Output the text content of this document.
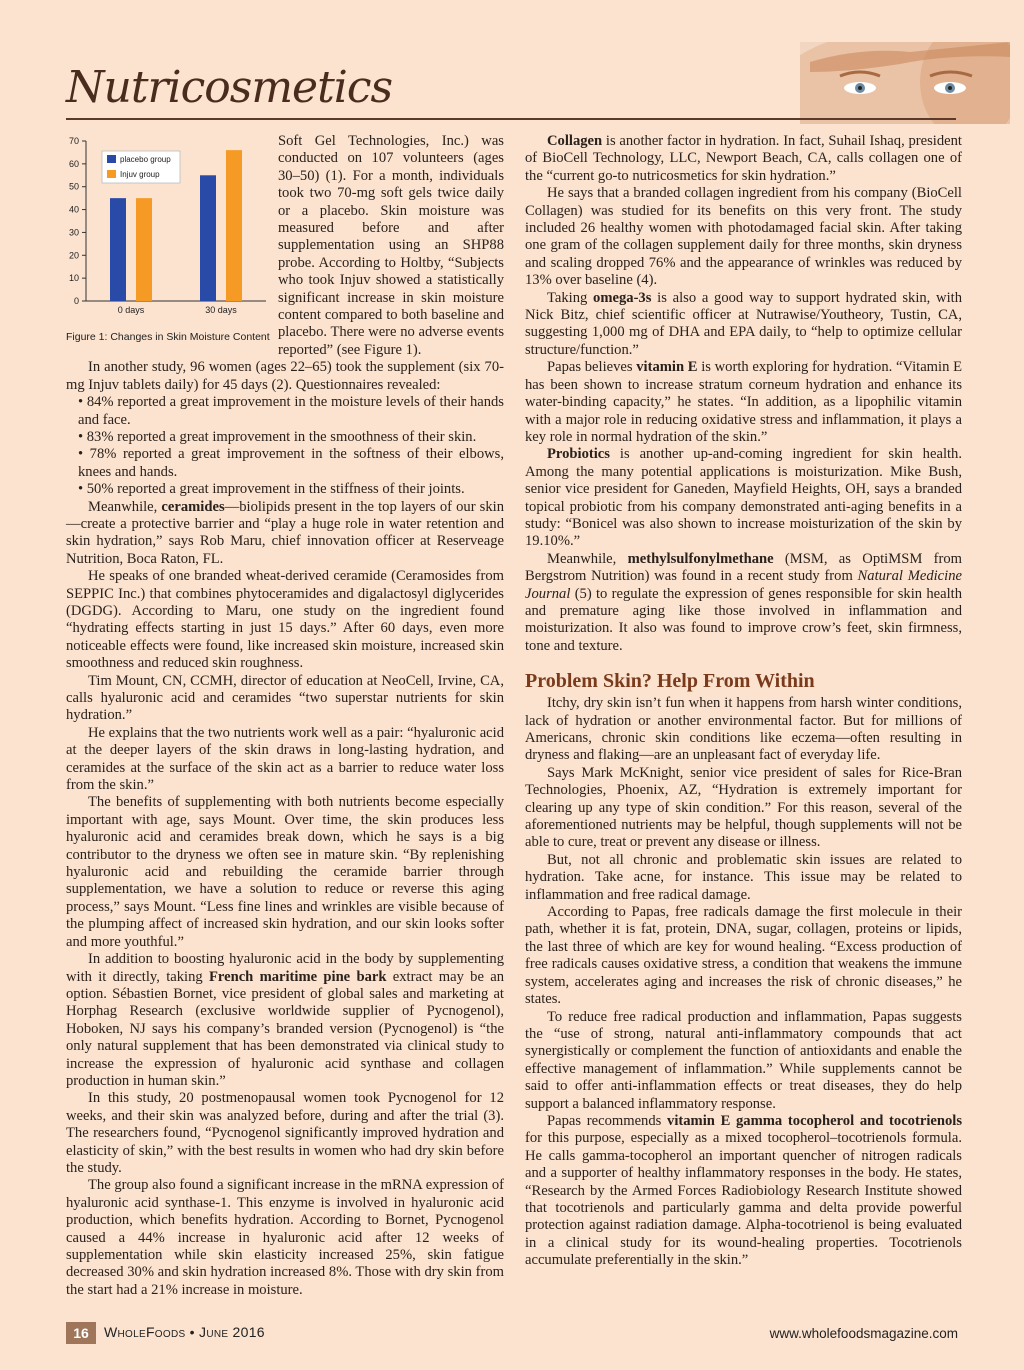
Nutricosmetics

0
10
20
30
40
50
60
70
0 days	30 days
placebo group
Injuv group
Figure 1: Changes in Skin Moisture Content
Soft Gel Technologies, Inc.) was conducted on 107 volunteers (ages 30–50) (1). For a month, individuals took two 70-mg soft gels twice daily or a placebo. Skin moisture was measured before and after supplementation using an SHP88 probe. According to Holtby, “Subjects who took Injuv showed a statistically significant increase in skin moisture content compared to both baseline and placebo. There were no adverse events reported” (see Figure 1).

In another study, 96 women (ages 22–65) took the supplement (six 70-mg Injuv tablets daily) for 45 days (2). Questionnaires revealed:

• 84% reported a great improvement in the moisture levels of their hands and face.

• 83% reported a great improvement in the smoothness of their skin.

• 78% reported a great improvement in the softness of their elbows, knees and hands.

• 50% reported a great improvement in the stiffness of their joints.

Meanwhile, ceramides—biolipids present in the top layers of our skin—create a protective barrier and “play a huge role in water retention and skin hydration,” says Rob Maru, chief innovation officer at Reserveage Nutrition, Boca Raton, FL.

He speaks of one branded wheat-derived ceramide (Ceramosides from SEPPIC Inc.) that combines phytoceramides and digalactosyl diglycerides (DGDG). According to Maru, one study on the ingredient found “hydrating effects starting in just 15 days.” After 60 days, even more noticeable effects were found, like increased skin moisture, increased skin smoothness and reduced skin roughness.

Tim Mount, CN, CCMH, director of education at NeoCell, Irvine, CA, calls hyaluronic acid and ceramides “two superstar nutrients for skin hydration.”

He explains that the two nutrients work well as a pair: “hyaluronic acid at the deeper layers of the skin draws in long-lasting hydration, and ceramides at the surface of the skin act as a barrier to reduce water loss from the skin.”

The benefits of supplementing with both nutrients become especially important with age, says Mount. Over time, the skin produces less hyaluronic acid and ceramides break down, which he says is a big contributor to the dryness we often see in mature skin. “By replenishing hyaluronic acid and rebuilding the ceramide barrier through supplementation, we have a solution to reduce or reverse this aging process,” says Mount. “Less fine lines and wrinkles are visible because of the plumping affect of increased skin hydration, and our skin looks softer and more youthful.”

In addition to boosting hyaluronic acid in the body by supplementing with it directly, taking French maritime pine bark extract may be an option. Sébastien Bornet, vice president of global sales and marketing at Horphag Research (exclusive worldwide supplier of Pycnogenol), Hoboken, NJ says his company’s branded version (Pycnogenol) is “the only natural supplement that has been demonstrated via clinical study to increase the expression of hyaluronic acid synthase and collagen production in human skin.”

In this study, 20 postmenopausal women took Pycnogenol for 12 weeks, and their skin was analyzed before, during and after the trial (3). The researchers found, “Pycnogenol significantly improved hydration and elasticity of skin,” with the best results in women who had dry skin before the study.

The group also found a significant increase in the mRNA expression of hyaluronic acid synthase-1. This enzyme is involved in hyaluronic acid production, which benefits hydration. According to Bornet, Pycnogenol caused a 44% increase in hyaluronic acid after 12 weeks of supplementation while skin elasticity increased 25%, skin fatigue decreased 30% and skin hydration increased 8%. Those with dry skin from the start had a 21% increase in moisture.

Collagen is another factor in hydration. In fact, Suhail Ishaq, president of BioCell Technology, LLC, Newport Beach, CA, calls collagen one of the “current go-to nutricosmetics for skin hydration.”

He says that a branded collagen ingredient from his company (BioCell Collagen) was studied for its benefits on this very front. The study included 26 healthy women with photodamaged facial skin. After taking one gram of the collagen supplement daily for three months, skin dryness and scaling dropped 76% and the appearance of wrinkles was reduced by 13% over baseline (4).

Taking omega-3s is also a good way to support hydrated skin, with Nick Bitz, chief scientific officer at Nutrawise/Youtheory, Tustin, CA, suggesting 1,000 mg of DHA and EPA daily, to “help to optimize cellular structure/function.”

Papas believes vitamin E is worth exploring for hydration. “Vitamin E has been shown to increase stratum corneum hydration and enhance its water-binding capacity,” he states. “In addition, as a lipophilic vitamin with a major role in reducing oxidative stress and inflammation, it plays a key role in normal hydration of the skin.”

Probiotics is another up-and-coming ingredient for skin health. Among the many potential applications is moisturization. Mike Bush, senior vice president for Ganeden, Mayfield Heights, OH, says a branded topical probiotic from his company demonstrated anti-aging benefits in a study: “Bonicel was also shown to increase moisturization of the skin by 19.10%.”

Meanwhile, methylsulfonylmethane (MSM, as OptiMSM from Bergstrom Nutrition) was found in a recent study from Natural Medicine Journal (5) to regulate the expression of genes responsible for skin health and premature aging like those involved in inflammation and moisturization. It also was found to improve crow’s feet, skin firmness, tone and texture.

Problem Skin? Help From Within

Itchy, dry skin isn’t fun when it happens from harsh winter conditions, lack of hydration or another environmental factor. But for millions of Americans, chronic skin conditions like eczema—often resulting in dryness and flaking—are an unpleasant fact of everyday life.

Says Mark McKnight, senior vice president of sales for Rice-Bran Technologies, Phoenix, AZ, “Hydration is extremely important for clearing up any type of skin condition.” For this reason, several of the aforementioned nutrients may be helpful, though supplements will not be able to cure, treat or prevent any disease or illness.

But, not all chronic and problematic skin issues are related to hydration. Take acne, for instance. This issue may be related to inflammation and free radical damage.

According to Papas, free radicals damage the first molecule in their path, whether it is fat, protein, DNA, sugar, collagen, proteins or lipids, the last three of which are key for wound healing. “Excess production of free radicals causes oxidative stress, a condition that weakens the immune system, accelerates aging and increases the risk of chronic diseases,” he states.

To reduce free radical production and inflammation, Papas suggests the “use of strong, natural anti-inflammatory compounds that act synergistically or complement the function of antioxidants and enable the effective management of inflammation.” While supplements cannot be said to offer anti-inflammation effects or treat diseases, they do help support a balanced inflammatory response.

Papas recommends vitamin E gamma tocopherol and tocotrienols for this purpose, especially as a mixed tocopherol–tocotrienols formula. He calls gamma-tocopherol an important quencher of nitrogen radicals and a supporter of healthy inflammatory responses in the body. He states, “Research by the Armed Forces Radiobiology Research Institute showed that tocotrienols and particularly gamma and delta provide powerful protection against radiation damage. Alpha-tocotrienol is being evaluated in a clinical study for its wound-healing properties. Tocotrienols accumulate preferentially in the skin.”

16	WholeFoods • June 2016	www.wholefoodsmagazine.com
